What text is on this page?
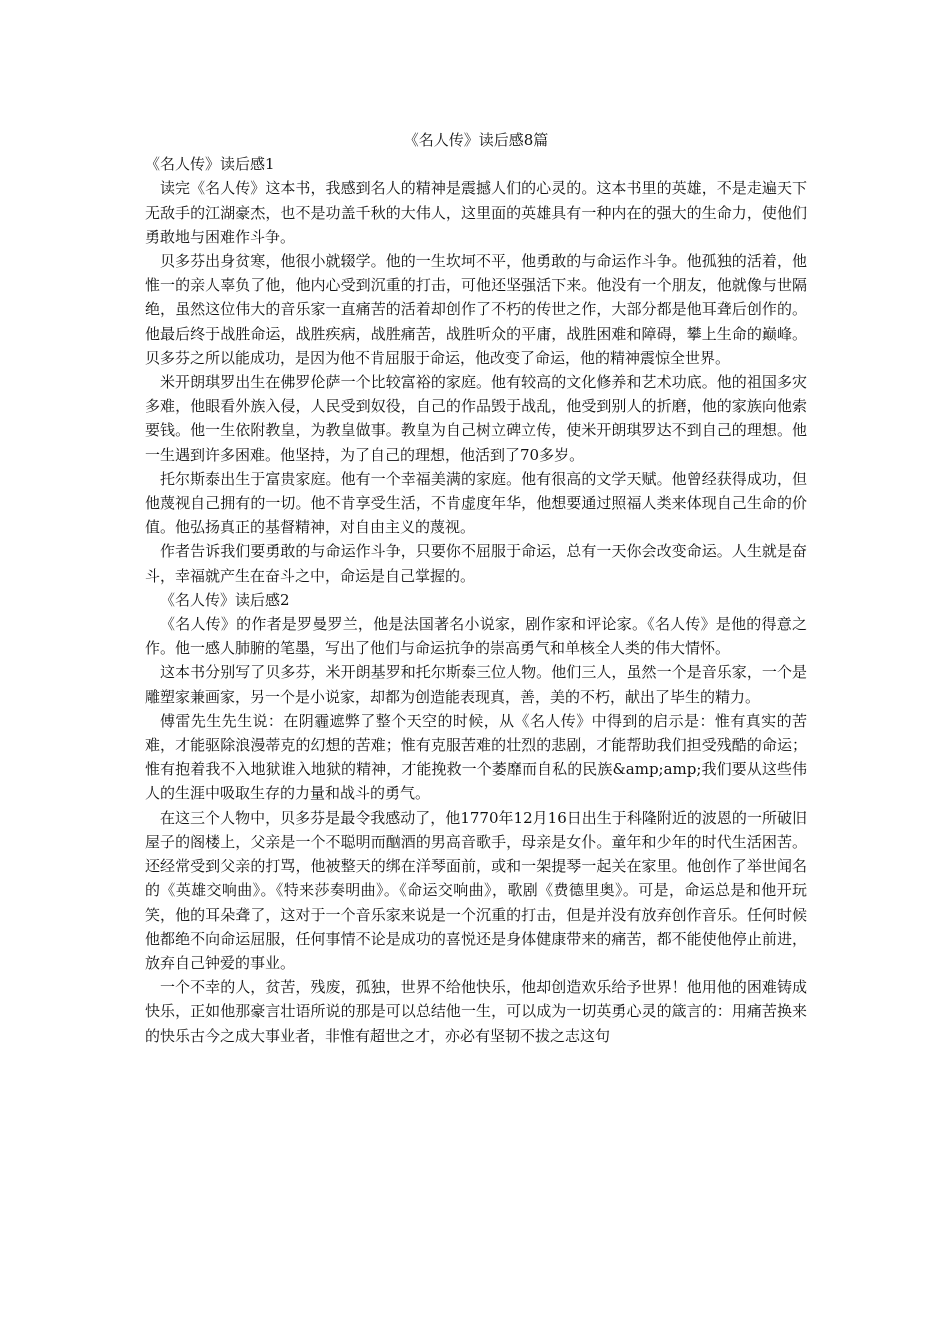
《名人传》读后感8篇

《名人传》读后感1

读完《名人传》这本书，我感到名人的精神是震撼人们的心灵的。这本书里的英雄，不是走遍天下无敌手的江湖豪杰，也不是功盖千秋的大伟人，这里面的英雄具有一种内在的强大的生命力，使他们勇敢地与困难作斗争。

贝多芬出身贫寒，他很小就辍学。他的一生坎坷不平，他勇敢的与命运作斗争。他孤独的活着，他惟一的亲人辜负了他，他内心受到沉重的打击，可他还坚强活下来。他没有一个朋友，他就像与世隔绝，虽然这位伟大的音乐家一直痛苦的活着却创作了不朽的传世之作，大部分都是他耳聋后创作的。他最后终于战胜命运，战胜疾病，战胜痛苦，战胜听众的平庸，战胜困难和障碍，攀上生命的巅峰。贝多芬之所以能成功，是因为他不肯屈服于命运，他改变了命运，他的精神震惊全世界。

米开朗琪罗出生在佛罗伦萨一个比较富裕的家庭。他有较高的文化修养和艺术功底。他的祖国多灾多难，他眼看外族入侵，人民受到奴役，自己的作品毁于战乱，他受到别人的折磨，他的家族向他索要钱。他一生依附教皇，为教皇做事。教皇为自己树立碑立传，使米开朗琪罗达不到自己的理想。他一生遇到许多困难。他坚持，为了自己的理想，他活到了70多岁。

托尔斯泰出生于富贵家庭。他有一个幸福美满的家庭。他有很高的文学天赋。他曾经获得成功，但他蔑视自己拥有的一切。他不肯享受生活，不肯虚度年华，他想要通过照福人类来体现自己生命的价值。他弘扬真正的基督精神，对自由主义的蔑视。

作者告诉我们要勇敢的与命运作斗争，只要你不屈服于命运，总有一天你会改变命运。人生就是奋斗，幸福就产生在奋斗之中，命运是自己掌握的。

《名人传》读后感2

《名人传》的作者是罗曼罗兰，他是法国著名小说家，剧作家和评论家。《名人传》是他的得意之作。他一感人肺腑的笔墨，写出了他们与命运抗争的崇高勇气和单核全人类的伟大情怀。

这本书分别写了贝多芬，米开朗基罗和托尔斯泰三位人物。他们三人，虽然一个是音乐家，一个是雕塑家兼画家，另一个是小说家，却都为创造能表现真，善，美的不朽，献出了毕生的精力。

傅雷先生先生说：在阴霾遮弊了整个天空的时候，从《名人传》中得到的启示是：惟有真实的苦难，才能驱除浪漫蒂克的幻想的苦难；惟有克服苦难的壮烈的悲剧，才能帮助我们担受残酷的命运；惟有抱着我不入地狱谁入地狱的精神，才能挽救一个萎靡而自私的民族&amp;amp;我们要从这些伟人的生涯中吸取生存的力量和战斗的勇气。

在这三个人物中，贝多芬是最令我感动了，他1770年12月16日出生于科隆附近的波恩的一所破旧屋子的阁楼上，父亲是一个不聪明而酗酒的男高音歌手，母亲是女仆。童年和少年的时代生活困苦。还经常受到父亲的打骂，他被整天的绑在洋琴面前，或和一架提琴一起关在家里。他创作了举世闻名的《英雄交响曲》。《特来莎奏明曲》。《命运交响曲》，歌剧《费德里奥》。可是，命运总是和他开玩笑，他的耳朵聋了，这对于一个音乐家来说是一个沉重的打击，但是并没有放弃创作音乐。任何时候他都绝不向命运屈服，任何事情不论是成功的喜悦还是身体健康带来的痛苦，都不能使他停止前进，放弃自己钟爱的事业。

一个不幸的人，贫苦，残废，孤独，世界不给他快乐，他却创造欢乐给予世界！他用他的困难铸成快乐，正如他那豪言壮语所说的那是可以总结他一生，可以成为一切英勇心灵的箴言的：用痛苦换来的快乐古今之成大事业者，非惟有超世之才，亦必有坚韧不拔之志这句
